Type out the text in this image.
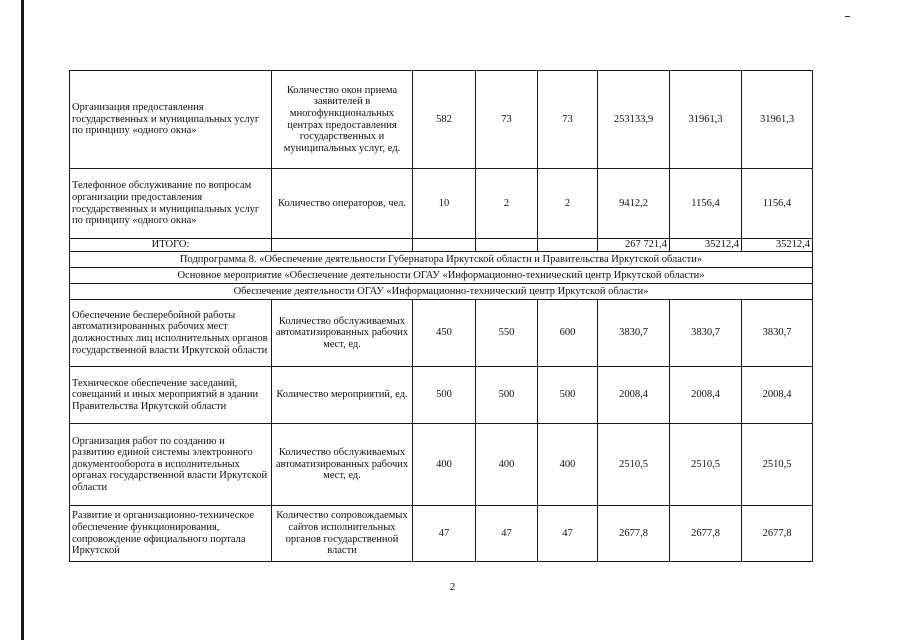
Организация предоставления государственных и муниципальных услуг по принципу «одного окна»	Количество окон приема заявителей в многофункциональных центрах предоставления государственных и муниципальных услуг, ед.	582	73	73	253133,9	31961,3	31961,3
Телефонное обслуживание по вопросам организации предоставления государственных и муниципальных услуг по принципу «одного окна»	Количество операторов, чел.	10	2	2	9412,2	1156,4	1156,4
ИТОГО:					267 721,4	35212,4	35212,4
Подпрограмма 8. «Обеспечение деятельности Губернатора Иркутской области и Правительства Иркутской области»							
Основное мероприятие «Обеспечение деятельности ОГАУ «Информационно-технический центр Иркутской области»							
Обеспечение деятельности ОГАУ «Информационно-технический центр Иркутской области»							
Обеспечение бесперебойной работы автоматизированных рабочих мест должностных лиц исполнительных органов государственной власти Иркутской области	Количество обслуживаемых автоматизированных рабочих мест, ед.	450	550	600	3830,7	3830,7	3830,7
Техническое обеспечение заседаний, совещаний и иных мероприятий в здании Правительства Иркутской области	Количество мероприятий, ед.	500	500	500	2008,4	2008,4	2008,4
Организация работ по созданию и развитию единой системы электронного документооборота в исполнительных органах государственной власти Иркутской области	Количество обслуживаемых автоматизированных рабочих мест, ед.	400	400	400	2510,5	2510,5	2510,5
Развитие и организационно-техническое обеспечение функционирования, сопровождение официального портала Иркутской	Количество сопровождаемых сайтов исполнительных органов государственной власти	47	47	47	2677,8	2677,8	2677,8
2
